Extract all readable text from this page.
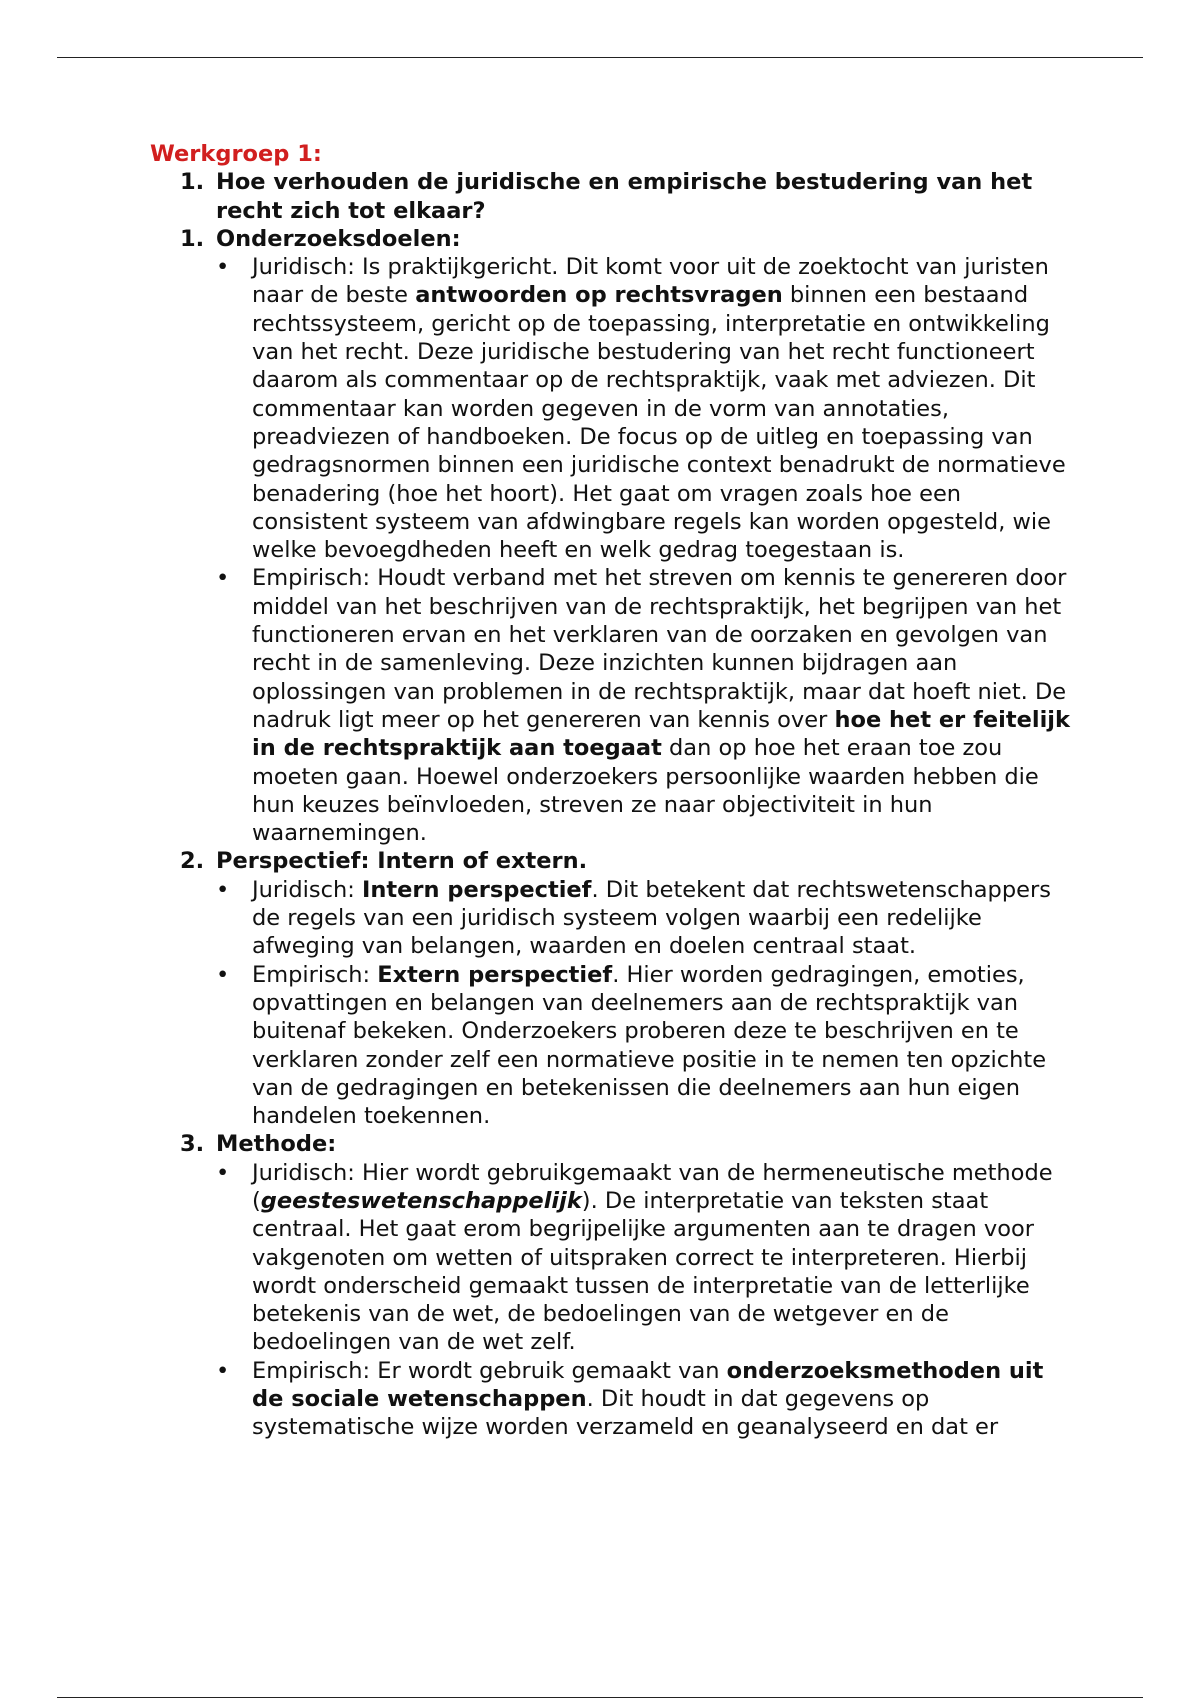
Werkgroep 1:

1. Hoe verhouden de juridische en empirische bestudering van het recht zich tot elkaar?
1. Onderzoeksdoelen:
• Juridisch: Is praktijkgericht. Dit komt voor uit de zoektocht van juristen naar de beste antwoorden op rechtsvragen binnen een bestaand rechtssysteem, gericht op de toepassing, interpretatie en ontwikkeling van het recht. Deze juridische bestudering van het recht functioneert daarom als commentaar op de rechtspraktijk, vaak met adviezen. Dit commentaar kan worden gegeven in de vorm van annotaties, preadviezen of handboeken. De focus op de uitleg en toepassing van gedragsnormen binnen een juridische context benadrukt de normatieve benadering (hoe het hoort). Het gaat om vragen zoals hoe een consistent systeem van afdwingbare regels kan worden opgesteld, wie welke bevoegdheden heeft en welk gedrag toegestaan is.
• Empirisch: Houdt verband met het streven om kennis te genereren door middel van het beschrijven van de rechtspraktijk, het begrijpen van het functioneren ervan en het verklaren van de oorzaken en gevolgen van recht in de samenleving. Deze inzichten kunnen bijdragen aan oplossingen van problemen in de rechtspraktijk, maar dat hoeft niet. De nadruk ligt meer op het genereren van kennis over hoe het er feitelijk in de rechtspraktijk aan toegaat dan op hoe het eraan toe zou moeten gaan. Hoewel onderzoekers persoonlijke waarden hebben die hun keuzes beïnvloeden, streven ze naar objectiviteit in hun waarnemingen.
2. Perspectief: Intern of extern.
• Juridisch: Intern perspectief. Dit betekent dat rechtswetenschappers de regels van een juridisch systeem volgen waarbij een redelijke afweging van belangen, waarden en doelen centraal staat.
• Empirisch: Extern perspectief. Hier worden gedragingen, emoties, opvattingen en belangen van deelnemers aan de rechtspraktijk van buitenaf bekeken. Onderzoekers proberen deze te beschrijven en te verklaren zonder zelf een normatieve positie in te nemen ten opzichte van de gedragingen en betekenissen die deelnemers aan hun eigen handelen toekennen.
3. Methode:
• Juridisch: Hier wordt gebruikgemaakt van de hermeneutische methode (geesteswetenschappelijk). De interpretatie van teksten staat centraal. Het gaat erom begrijpelijke argumenten aan te dragen voor vakgenoten om wetten of uitspraken correct te interpreteren. Hierbij wordt onderscheid gemaakt tussen de interpretatie van de letterlijke betekenis van de wet, de bedoelingen van de wetgever en de bedoelingen van de wet zelf.
• Empirisch: Er wordt gebruik gemaakt van onderzoeksmethoden uit de sociale wetenschappen. Dit houdt in dat gegevens op systematische wijze worden verzameld en geanalyseerd en dat er
